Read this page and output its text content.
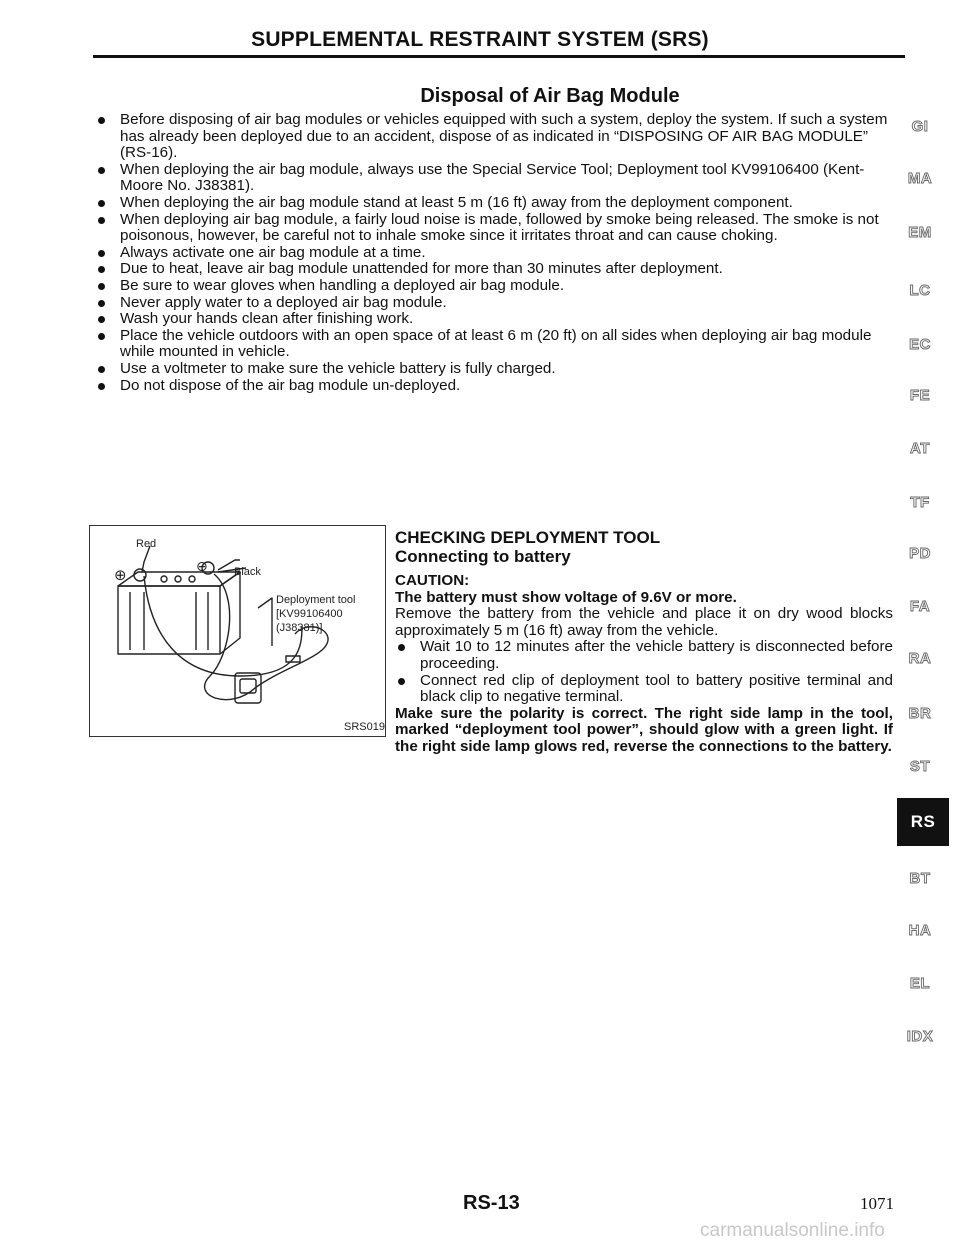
SUPPLEMENTAL RESTRAINT SYSTEM (SRS)
Disposal of Air Bag Module
Before disposing of air bag modules or vehicles equipped with such a system, deploy the system. If such a system has already been deployed due to an accident, dispose of as indicated in “DISPOSING OF AIR BAG MODULE” (RS-16).
When deploying the air bag module, always use the Special Service Tool; Deployment tool KV99106400 (Kent-Moore No. J38381).
When deploying the air bag module stand at least 5 m (16 ft) away from the deployment component.
When deploying air bag module, a fairly loud noise is made, followed by smoke being released. The smoke is not poisonous, however, be careful not to inhale smoke since it irritates throat and can cause choking.
Always activate one air bag module at a time.
Due to heat, leave air bag module unattended for more than 30 minutes after deployment.
Be sure to wear gloves when handling a deployed air bag module.
Never apply water to a deployed air bag module.
Wash your hands clean after finishing work.
Place the vehicle outdoors with an open space of at least 6 m (20 ft) on all sides when deploying air bag module while mounted in vehicle.
Use a voltmeter to make sure the vehicle battery is fully charged.
Do not dispose of the air bag module un-deployed.
GI
MA
EM
LC
EC
FE
AT
TF
PD
FA
RA
BR
ST
RS
BT
HA
EL
IDX
Red
⊕
⊖ Black
Deployment tool
[KV99106400
(J38381)]
SRS019
CHECKING DEPLOYMENT TOOL
Connecting to battery
CAUTION:
The battery must show voltage of 9.6V or more.
Remove the battery from the vehicle and place it on dry wood blocks approximately 5 m (16 ft) away from the vehicle.
Wait 10 to 12 minutes after the vehicle battery is disconnected before proceeding.
Connect red clip of deployment tool to battery positive terminal and black clip to negative terminal.
Make sure the polarity is correct. The right side lamp in the tool, marked “deployment tool power”, should glow with a green light. If the right side lamp glows red, reverse the connections to the battery.
RS-13	1071
carmanualsonline.info
